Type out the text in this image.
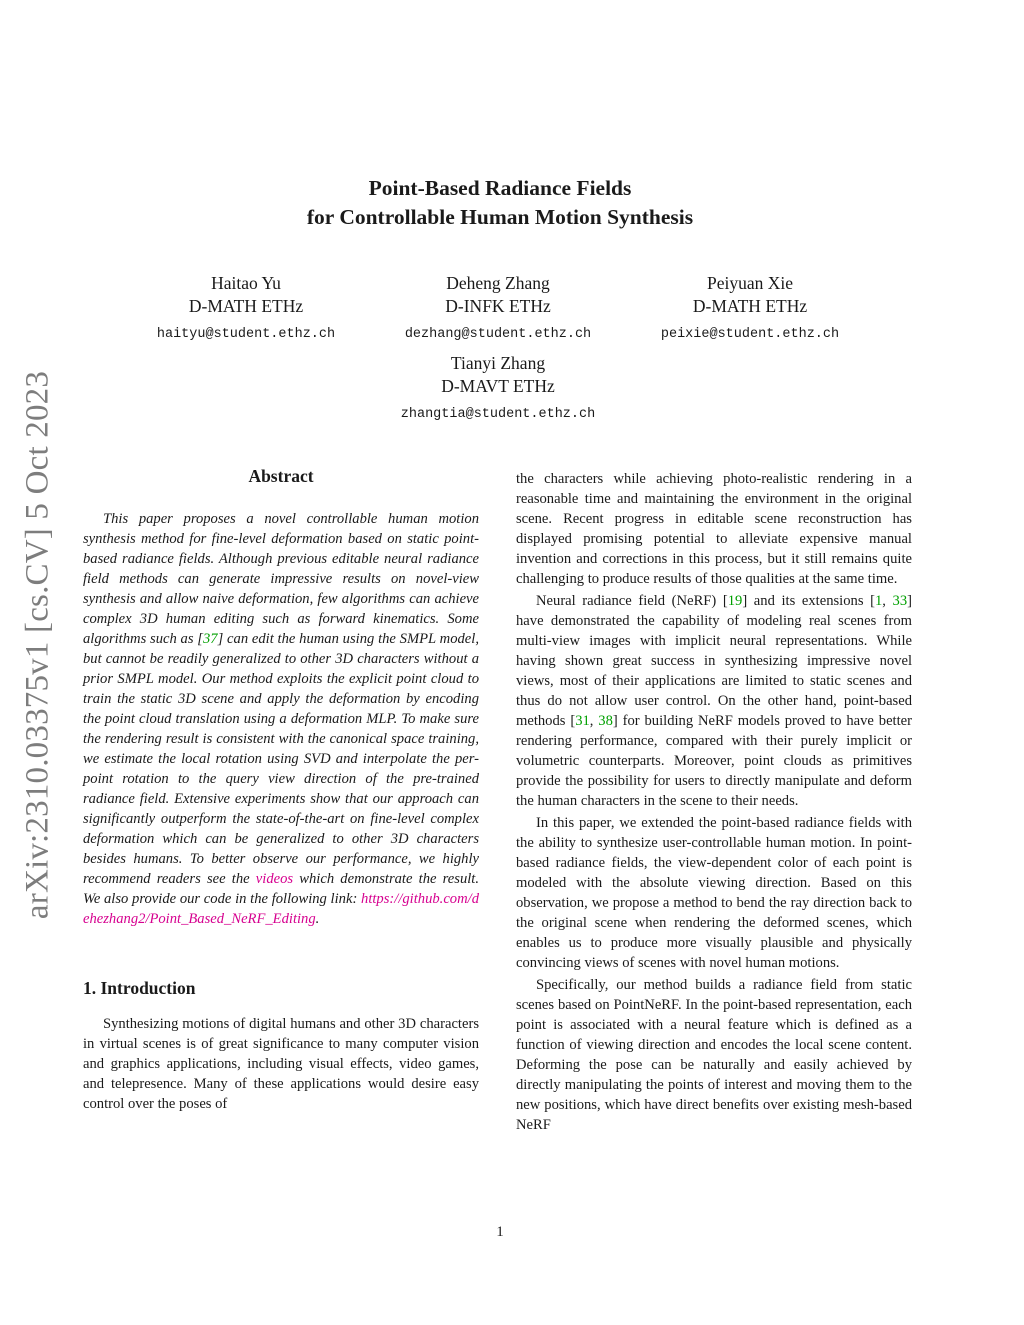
arXiv:2310.03375v1 [cs.CV] 5 Oct 2023
Point-Based Radiance Fields
for Controllable Human Motion Synthesis
Haitao Yu
D-MATH ETHz
haityu@student.ethz.ch
Deheng Zhang
D-INFK ETHz
dezhang@student.ethz.ch
Peiyuan Xie
D-MATH ETHz
peixie@student.ethz.ch
Tianyi Zhang
D-MAVT ETHz
zhangtia@student.ethz.ch
Abstract

This paper proposes a novel controllable human motion synthesis method for fine-level deformation based on static point-based radiance fields. Although previous editable neural radiance field methods can generate impressive results on novel-view synthesis and allow naive deformation, few algorithms can achieve complex 3D human editing such as forward kinematics. Some algorithms such as [37] can edit the human using the SMPL model, but cannot be readily generalized to other 3D characters without a prior SMPL model. Our method exploits the explicit point cloud to train the static 3D scene and apply the deformation by encoding the point cloud translation using a deformation MLP. To make sure the rendering result is consistent with the canonical space training, we estimate the local rotation using SVD and interpolate the per-point rotation to the query view direction of the pre-trained radiance field. Extensive experiments show that our approach can significantly outperform the state-of-the-art on fine-level complex deformation which can be generalized to other 3D characters besides humans. To better observe our performance, we highly recommend readers see the videos which demonstrate the result. We also provide our code in the following link: https://github.com/dehezhang2/Point_Based_NeRF_Editing.

1. Introduction

Synthesizing motions of digital humans and other 3D characters in virtual scenes is of great significance to many computer vision and graphics applications, including visual effects, video games, and telepresence. Many of these applications would desire easy control over the poses of

the characters while achieving photo-realistic rendering in a reasonable time and maintaining the environment in the original scene. Recent progress in editable scene reconstruction has displayed promising potential to alleviate expensive manual invention and corrections in this process, but it still remains quite challenging to produce results of those qualities at the same time.

Neural radiance field (NeRF) [19] and its extensions [1, 33] have demonstrated the capability of modeling real scenes from multi-view images with implicit neural representations. While having shown great success in synthesizing impressive novel views, most of their applications are limited to static scenes and thus do not allow user control. On the other hand, point-based methods [31, 38] for building NeRF models proved to have better rendering performance, compared with their purely implicit or volumetric counterparts. Moreover, point clouds as primitives provide the possibility for users to directly manipulate and deform the human characters in the scene to their needs.

In this paper, we extended the point-based radiance fields with the ability to synthesize user-controllable human motion. In point-based radiance fields, the view-dependent color of each point is modeled with the absolute viewing direction. Based on this observation, we propose a method to bend the ray direction back to the original scene when rendering the deformed scenes, which enables us to produce more visually plausible and physically convincing views of scenes with novel human motions.

Specifically, our method builds a radiance field from static scenes based on PointNeRF. In the point-based representation, each point is associated with a neural feature which is defined as a function of viewing direction and encodes the local scene content. Deforming the pose can be naturally and easily achieved by directly manipulating the points of interest and moving them to the new positions, which have direct benefits over existing mesh-based NeRF

1
